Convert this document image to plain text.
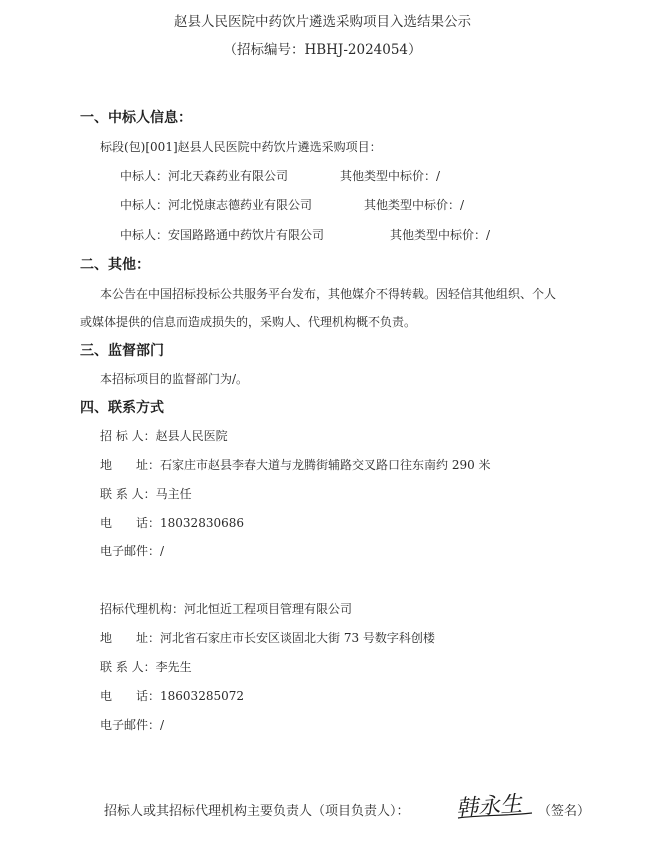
赵县人民医院中药饮片遴选采购项目入选结果公示
（招标编号：HBHJ-2024054）
一、中标人信息：
标段(包)[001]赵县人民医院中药饮片遴选采购项目：
中标人：河北天森药业有限公司	其他类型中标价：/
中标人：河北悦康志德药业有限公司	其他类型中标价：/
中标人：安国路路通中药饮片有限公司	其他类型中标价：/
二、其他：
本公告在中国招标投标公共服务平台发布，其他媒介不得转载。因轻信其他组织、个人
或媒体提供的信息而造成损失的，采购人、代理机构概不负责。
三、监督部门
本招标项目的监督部门为/。
四、联系方式
招 标 人：赵县人民医院
地　　址：石家庄市赵县李春大道与龙腾街辅路交叉路口往东南约 290 米
联 系 人：马主任
电　　话：18032830686
电子邮件：/
招标代理机构：河北恒近工程项目管理有限公司
地　　址：河北省石家庄市长安区谈固北大街 73 号数字科创楼
联 系 人：李先生
电　　话：18603285072
电子邮件：/
招标人或其招标代理机构主要负责人（项目负责人）： 韩永生 （签名）
